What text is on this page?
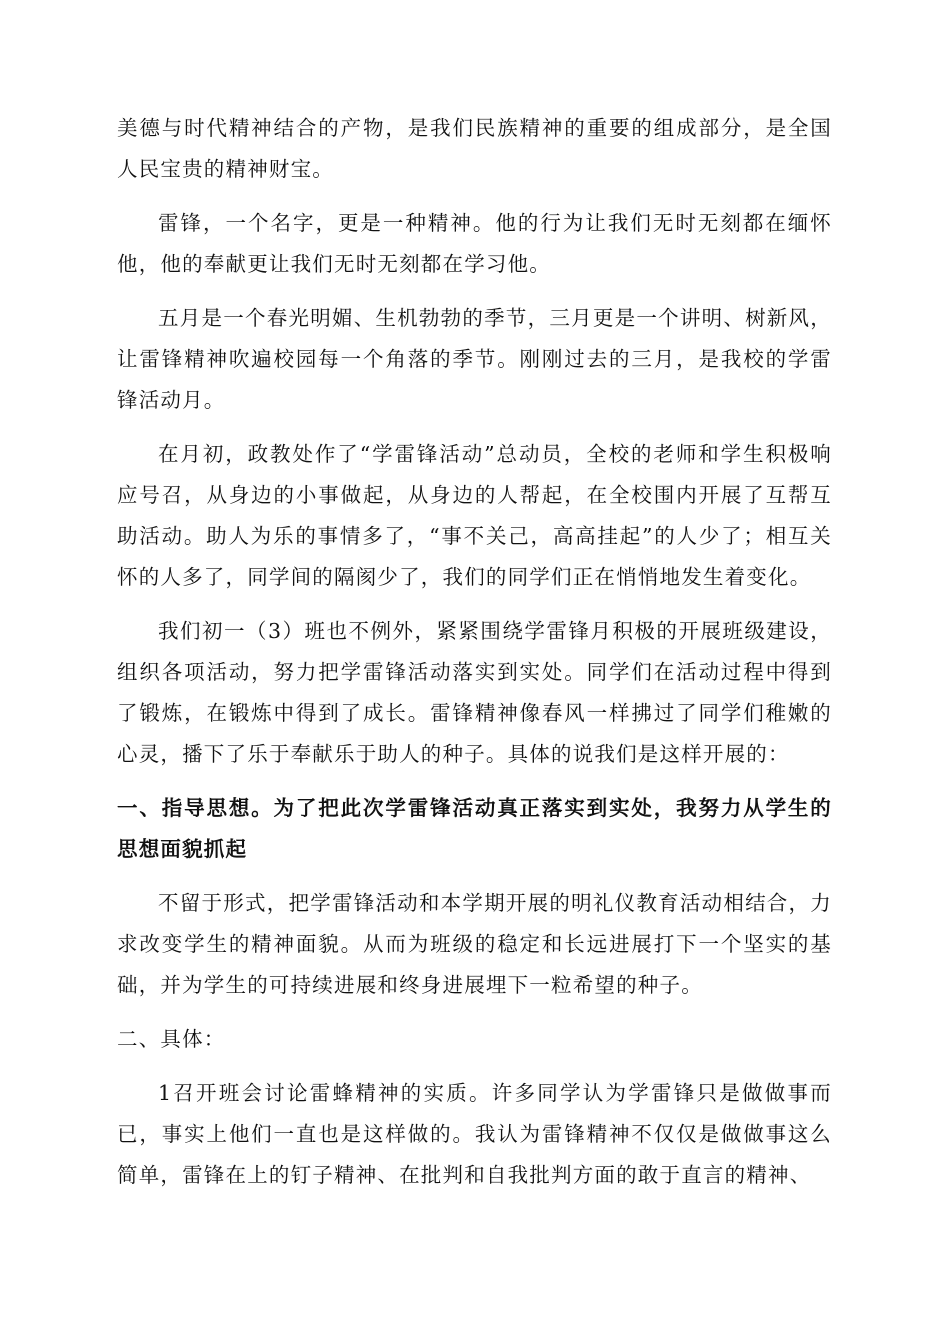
美德与时代精神结合的产物，是我们民族精神的重要的组成部分，是全国人民宝贵的精神财宝。

雷锋，一个名字，更是一种精神。他的行为让我们无时无刻都在缅怀他，他的奉献更让我们无时无刻都在学习他。

五月是一个春光明媚、生机勃勃的季节，三月更是一个讲明、树新风，让雷锋精神吹遍校园每一个角落的季节。刚刚过去的三月，是我校的学雷锋活动月。

在月初，政教处作了“学雷锋活动”总动员，全校的老师和学生积极响应号召，从身边的小事做起，从身边的人帮起，在全校围内开展了互帮互助活动。助人为乐的事情多了，“事不关己，高高挂起”的人少了；相互关怀的人多了，同学间的隔阂少了，我们的同学们正在悄悄地发生着变化。

我们初一（3）班也不例外，紧紧围绕学雷锋月积极的开展班级建设，组织各项活动，努力把学雷锋活动落实到实处。同学们在活动过程中得到了锻炼，在锻炼中得到了成长。雷锋精神像春风一样拂过了同学们稚嫩的心灵，播下了乐于奉献乐于助人的种子。具体的说我们是这样开展的：

一、指导思想。为了把此次学雷锋活动真正落实到实处，我努力从学生的思想面貌抓起

不留于形式，把学雷锋活动和本学期开展的明礼仪教育活动相结合，力求改变学生的精神面貌。从而为班级的稳定和长远进展打下一个坚实的基础，并为学生的可持续进展和终身进展埋下一粒希望的种子。

二、具体：

1召开班会讨论雷蜂精神的实质。许多同学认为学雷锋只是做做事而已，事实上他们一直也是这样做的。我认为雷锋精神不仅仅是做做事这么简单，雷锋在上的钉子精神、在批判和自我批判方面的敢于直言的精神、
